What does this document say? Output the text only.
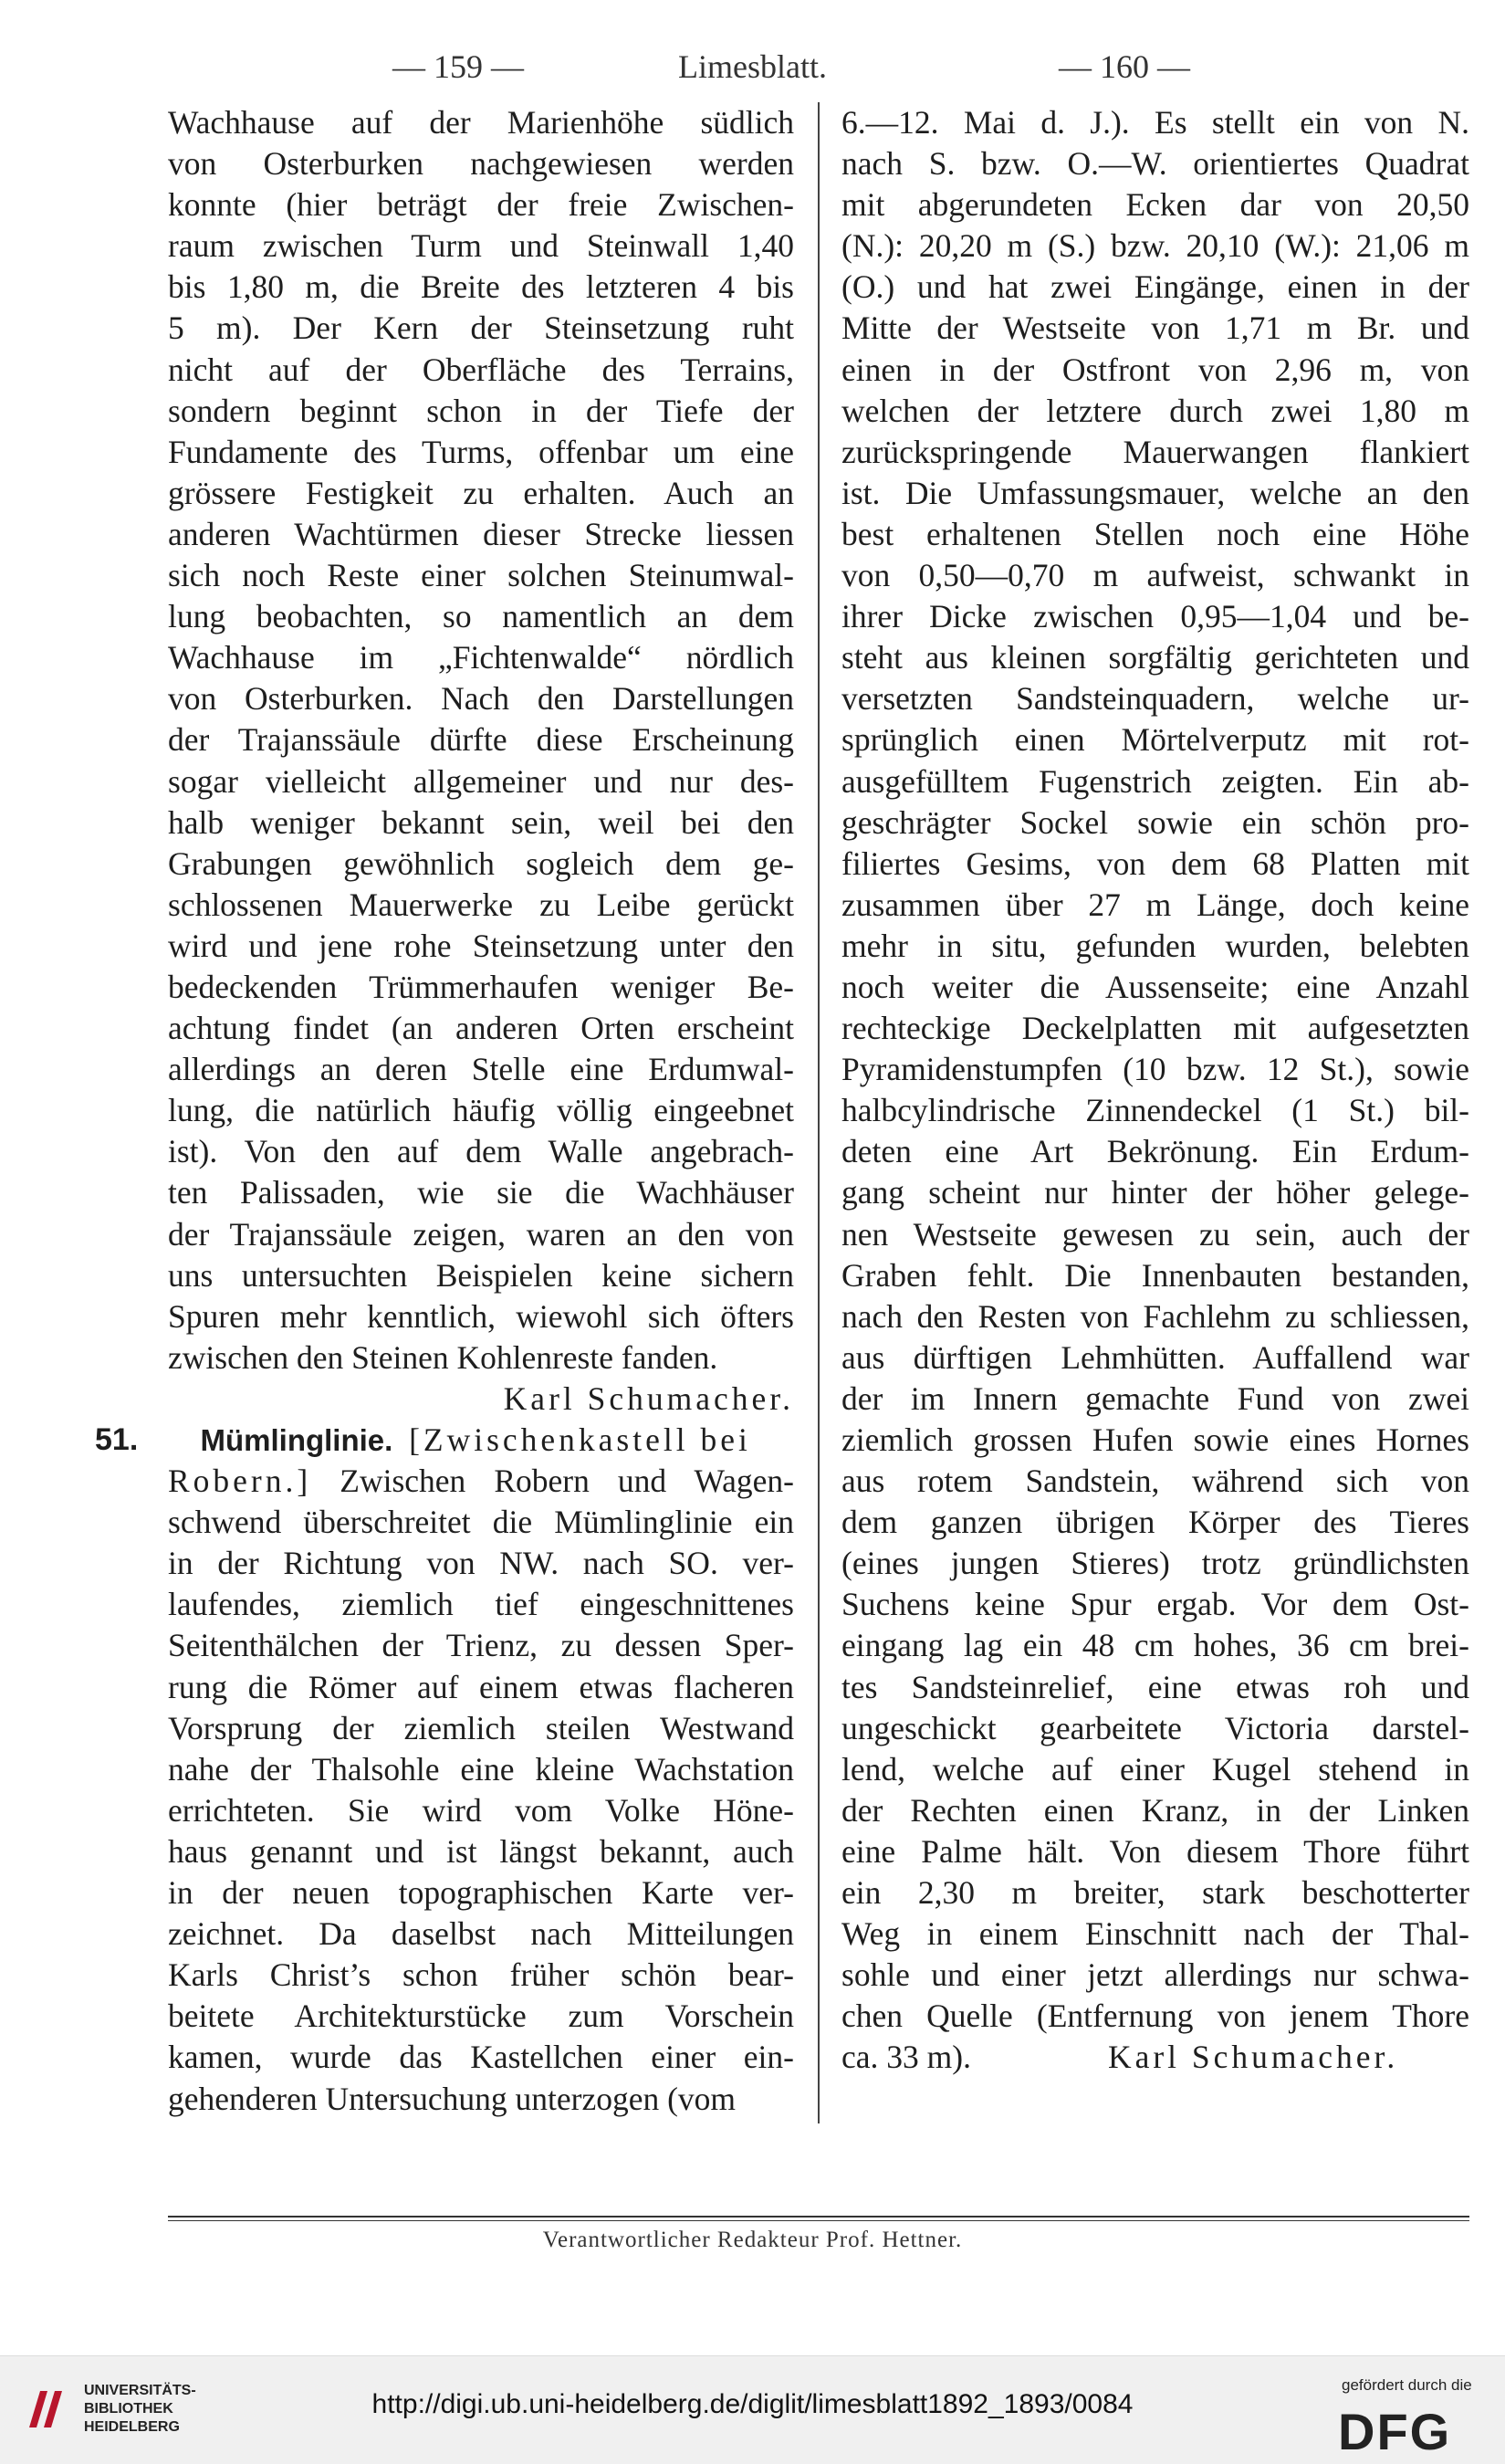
— 159 —	Limesblatt.	— 160 —
Wachhause auf der Marienhöhe südlich
von Osterburken nachgewiesen werden
konnte (hier beträgt der freie Zwischen-
raum zwischen Turm und Steinwall 1,40
bis 1,80 m, die Breite des letzteren 4 bis
5 m). Der Kern der Steinsetzung ruht
nicht auf der Oberfläche des Terrains,
sondern beginnt schon in der Tiefe der
Fundamente des Turms, offenbar um eine
grössere Festigkeit zu erhalten. Auch an
anderen Wachtürmen dieser Strecke liessen
sich noch Reste einer solchen Steinumwal-
lung beobachten, so namentlich an dem
Wachhause im „Fichtenwalde“ nördlich
von Osterburken. Nach den Darstellungen
der Trajanssäule dürfte diese Erscheinung
sogar vielleicht allgemeiner und nur des-
halb weniger bekannt sein, weil bei den
Grabungen gewöhnlich sogleich dem ge-
schlossenen Mauerwerke zu Leibe gerückt
wird und jene rohe Steinsetzung unter den
bedeckenden Trümmerhaufen weniger Be-
achtung findet (an anderen Orten erscheint
allerdings an deren Stelle eine Erdumwal-
lung, die natürlich häufig völlig eingeebnet
ist). Von den auf dem Walle angebrach-
ten Palissaden, wie sie die Wachhäuser
der Trajanssäule zeigen, waren an den von
uns untersuchten Beispielen keine sichern
Spuren mehr kenntlich, wiewohl sich öfters
zwischen den Steinen Kohlenreste fanden.
Karl Schumacher.
51.
  Mümlinglinie.  [Zwischenkastell bei
Robern.] Zwischen Robern und Wagen-
schwend überschreitet die Mümlinglinie ein
in der Richtung von NW. nach SO. ver-
laufendes, ziemlich tief eingeschnittenes
Seitenthälchen der Trienz, zu dessen Sper-
rung die Römer auf einem etwas flacheren
Vorsprung der ziemlich steilen Westwand
nahe der Thalsohle eine kleine Wachstation
errichteten. Sie wird vom Volke Höne-
haus genannt und ist längst bekannt, auch
in der neuen topographischen Karte ver-
zeichnet. Da daselbst nach Mitteilungen
Karls Christ’s schon früher schön bear-
beitete Architekturstücke zum Vorschein
kamen, wurde das Kastellchen einer ein-
gehenderen Untersuchung unterzogen (vom
6.—12. Mai d. J.). Es stellt ein von N.
nach S. bzw. O.—W. orientiertes Quadrat
mit abgerundeten Ecken dar von 20,50
(N.): 20,20 m (S.) bzw. 20,10 (W.): 21,06 m
(O.) und hat zwei Eingänge, einen in der
Mitte der Westseite von 1,71 m Br. und
einen in der Ostfront von 2,96 m, von
welchen der letztere durch zwei 1,80 m
zurückspringende Mauerwangen flankiert
ist. Die Umfassungsmauer, welche an den
best erhaltenen Stellen noch eine Höhe
von 0,50—0,70 m aufweist, schwankt in
ihrer Dicke zwischen 0,95—1,04 und be-
steht aus kleinen sorgfältig gerichteten und
versetzten Sandsteinquadern, welche ur-
sprünglich einen Mörtelverputz mit rot-
ausgefülltem Fugenstrich zeigten. Ein ab-
geschrägter Sockel sowie ein schön pro-
filiertes Gesims, von dem 68 Platten mit
zusammen über 27 m Länge, doch keine
mehr in situ, gefunden wurden, belebten
noch weiter die Aussenseite; eine Anzahl
rechteckige Deckelplatten mit aufgesetzten
Pyramidenstumpfen (10 bzw. 12 St.), sowie
halbcylindrische Zinnendeckel (1 St.) bil-
deten eine Art Bekrönung. Ein Erdum-
gang scheint nur hinter der höher gelege-
nen Westseite gewesen zu sein, auch der
Graben fehlt. Die Innenbauten bestanden,
nach den Resten von Fachlehm zu schliessen,
aus dürftigen Lehmhütten. Auffallend war
der im Innern gemachte Fund von zwei
ziemlich grossen Hufen sowie eines Hornes
aus rotem Sandstein, während sich von
dem ganzen übrigen Körper des Tieres
(eines jungen Stieres) trotz gründlichsten
Suchens keine Spur ergab. Vor dem Ost-
eingang lag ein 48 cm hohes, 36 cm brei-
tes Sandsteinrelief, eine etwas roh und
ungeschickt gearbeitete Victoria darstel-
lend, welche auf einer Kugel stehend in
der Rechten einen Kranz, in der Linken
eine Palme hält. Von diesem Thore führt
ein 2,30 m breiter, stark beschotterter
Weg in einem Einschnitt nach der Thal-
sohle und einer jetzt allerdings nur schwa-
chen Quelle (Entfernung von jenem Thore
ca. 33 m).	Karl Schumacher.
Verantwortlicher Redakteur Prof. Hettner.
UNIVERSITÄTS-
BIBLIOTHEK
HEIDELBERG
http://digi.ub.uni-heidelberg.de/diglit/limesblatt1892_1893/0084
gefördert durch die
DFG
